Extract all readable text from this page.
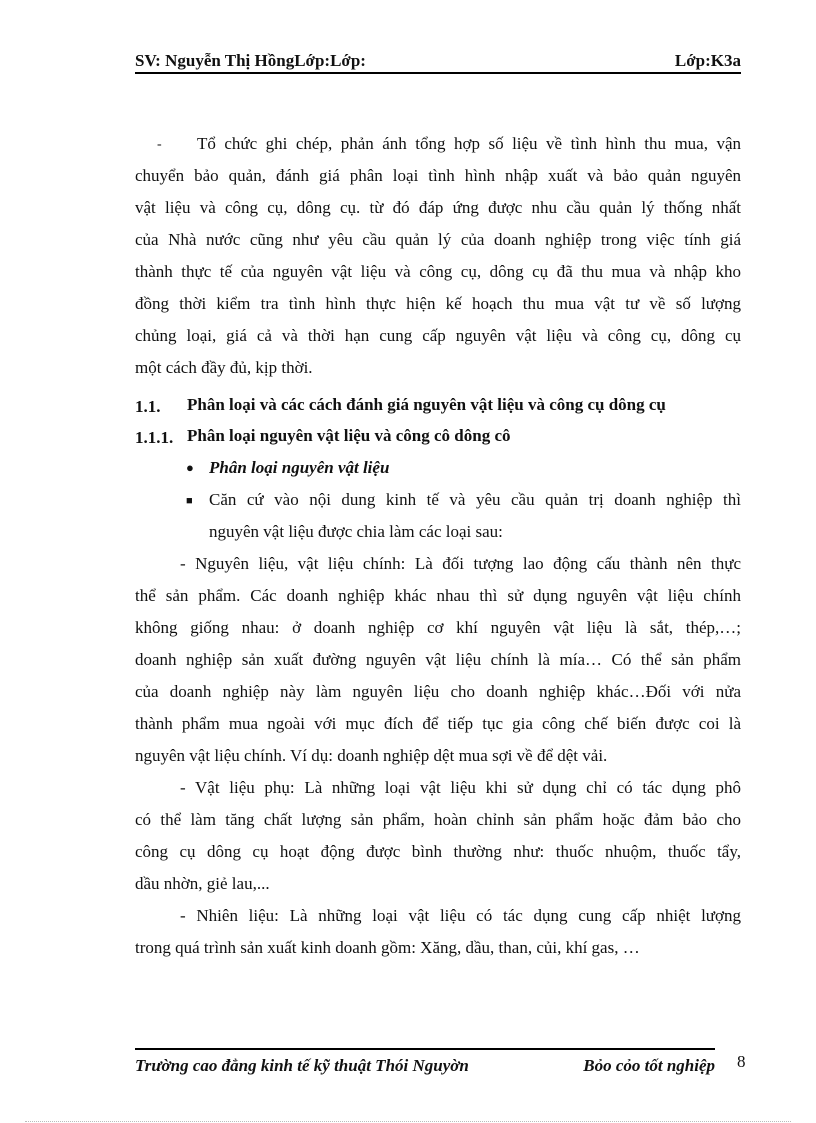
SV: Nguyễn Thị HồngLớp:Lớp:	Lớp:K3a
- Tổ chức ghi chép, phản ánh tổng hợp số liệu về tình hình thu mua, vận
chuyển bảo quản, đánh giá phân loại tình hình nhập xuất và bảo quản nguyên
vật liệu và công cụ, dông cụ. từ đó đáp ứng được nhu cầu quản lý thống nhất
của Nhà nước cũng như yêu cầu quản lý của doanh nghiệp trong việc tính giá
thành thực tế của nguyên vật liệu và công cụ, dông cụ đã thu mua và nhập kho
đồng thời kiểm tra tình hình thực hiện kế hoạch thu mua vật tư về số lượng
chủng loại, giá cả và thời hạn cung cấp nguyên vật liệu và công cụ, dông cụ
một cách đầy đủ, kịp thời.
1.1. Phân loại và các cách đánh giá nguyên vật liệu và công cụ dông cụ
1.1.1. Phân loại nguyên vật liệu và công cô dông cô
● Phân loại nguyên vật liệu
■ Căn cứ vào nội dung kinh tế và yêu cầu quản trị doanh nghiệp thì
nguyên vật liệu được chia làm các loại sau:
- Nguyên liệu, vật liệu chính: Là đối tượng lao động cấu thành nên thực
thể sản phẩm. Các doanh nghiệp khác nhau thì sử dụng nguyên vật liệu chính
không giống nhau: ở doanh nghiệp cơ khí nguyên vật liệu là sắt, thép,…;
doanh nghiệp sản xuất đường nguyên vật liệu chính là mía… Có thể sản phẩm
của doanh nghiệp này làm nguyên liệu cho doanh nghiệp khác…Đối với nửa
thành phẩm mua ngoài với mục đích để tiếp tục gia công chế biến được coi là
nguyên vật liệu chính. Ví dụ: doanh nghiệp dệt mua sợi về để dệt vải.
- Vật liệu phụ: Là những loại vật liệu khi sử dụng chỉ có tác dụng phô
có thể làm tăng chất lượng sản phẩm, hoàn chỉnh sản phẩm hoặc đảm bảo cho
công cụ dông cụ hoạt động được bình thường như: thuốc nhuộm, thuốc tẩy,
dầu nhờn, giẻ lau,...
- Nhiên liệu: Là những loại vật liệu có tác dụng cung cấp nhiệt lượng
trong quá trình sản xuất kinh doanh gồm: Xăng, dầu, than, củi, khí gas, …
Trường cao đẳng kinh tế kỹ thuật Thói Nguyờn	Bỏo cỏo tốt nghiệp 8
